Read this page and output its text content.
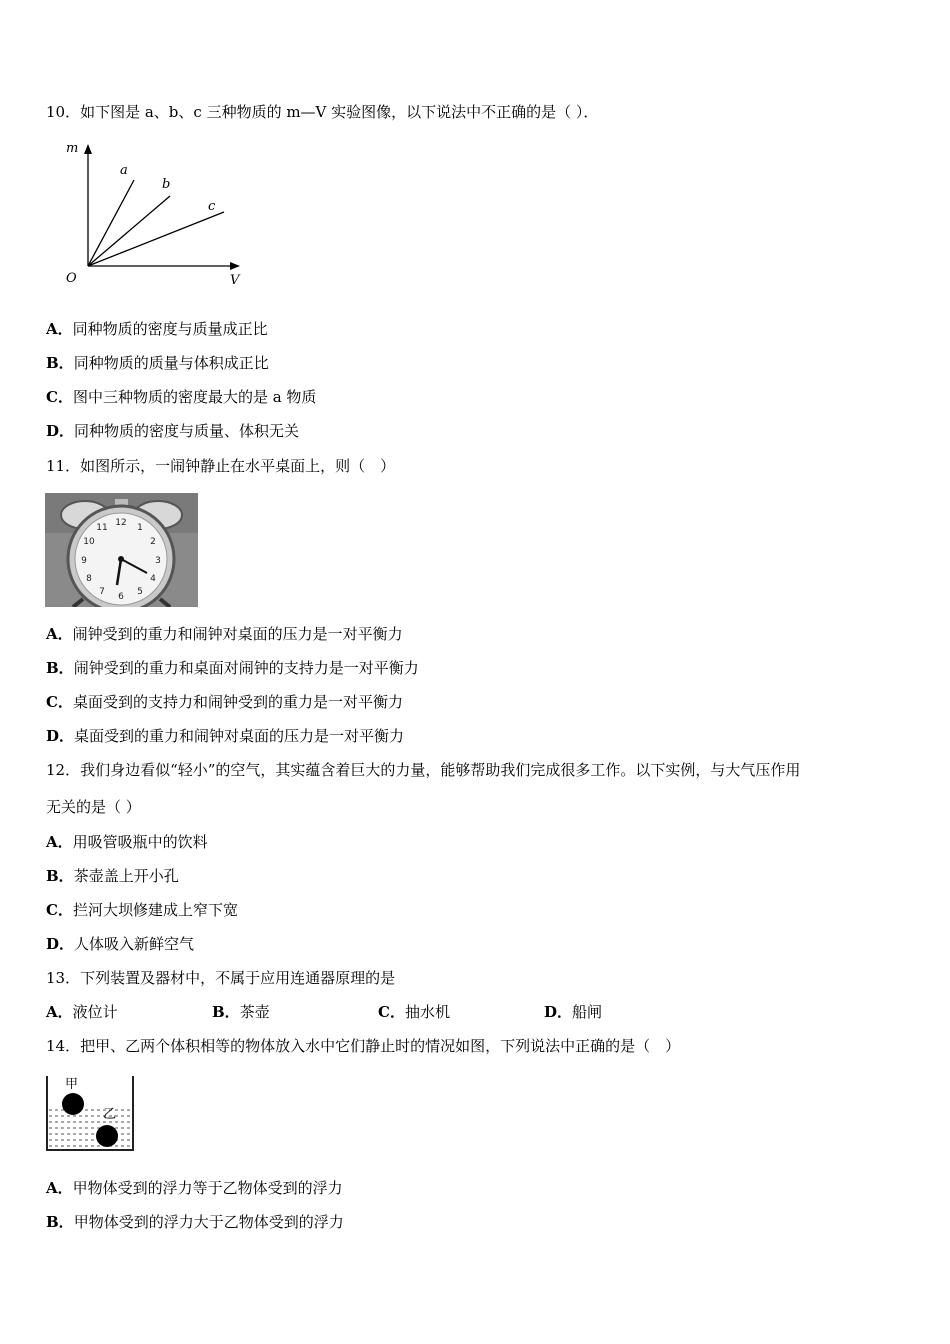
10．如下图是 a、b、c 三种物质的 m—V 实验图像，以下说法中不正确的是（ ）．
m
V
O
a
b
c
A．同种物质的密度与质量成正比
B．同种物质的质量与体积成正比
C．图中三种物质的密度最大的是 a 物质
D．同种物质的密度与质量、体积无关
11．如图所示，一闹钟静止在水平桌面上，则（　）
12 1
2
3
4
5
6
7
8
9
10
11
A．闹钟受到的重力和闹钟对桌面的压力是一对平衡力
B．闹钟受到的重力和桌面对闹钟的支持力是一对平衡力
C．桌面受到的支持力和闹钟受到的重力是一对平衡力
D．桌面受到的重力和闹钟对桌面的压力是一对平衡力
12．我们身边看似“轻小”的空气，其实蕴含着巨大的力量，能够帮助我们完成很多工作。以下实例，与大气压作用
无关的是（ ）
A．用吸管吸瓶中的饮料
B．茶壶盖上开小孔
C．拦河大坝修建成上窄下宽
D．人体吸入新鲜空气
13．下列装置及器材中，不属于应用连通器原理的是
A．液位计	B．茶壶	C．抽水机	D．船闸
14．把甲、乙两个体积相等的物体放入水中它们静止时的情况如图，下列说法中正确的是（　）
甲
乙
A．甲物体受到的浮力等于乙物体受到的浮力
B．甲物体受到的浮力大于乙物体受到的浮力
